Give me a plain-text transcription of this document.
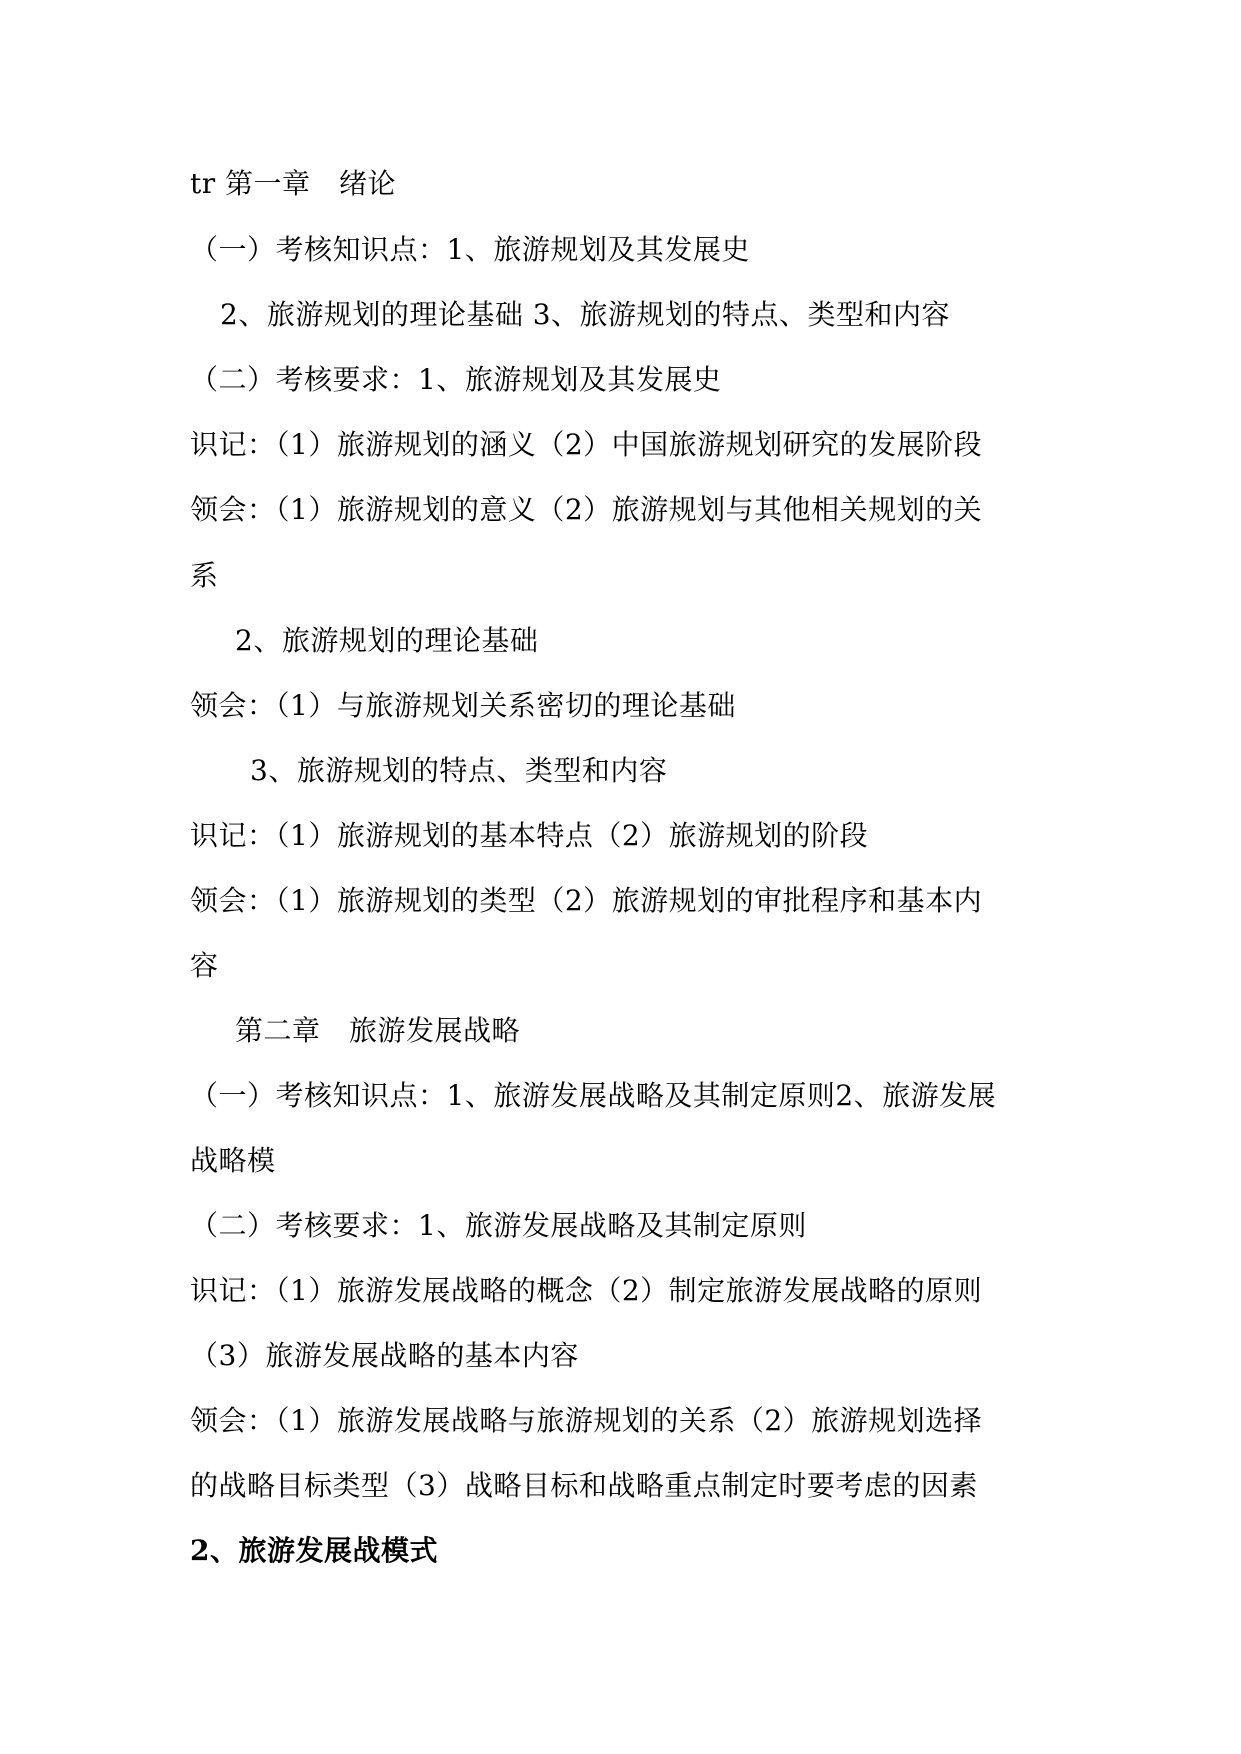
tr 第一章　绪论
（一）考核知识点：1、旅游规划及其发展史
2、旅游规划的理论基础 3、旅游规划的特点、类型和内容
（二）考核要求：1、旅游规划及其发展史
识记：（1）旅游规划的涵义（2）中国旅游规划研究的发展阶段
领会：（1）旅游规划的意义（2）旅游规划与其他相关规划的关
系
2、旅游规划的理论基础
领会：（1）与旅游规划关系密切的理论基础
3、旅游规划的特点、类型和内容
识记：（1）旅游规划的基本特点（2）旅游规划的阶段
领会：（1）旅游规划的类型（2）旅游规划的审批程序和基本内
容
第二章　旅游发展战略
（一）考核知识点：1、旅游发展战略及其制定原则2、旅游发展
战略模
（二）考核要求：1、旅游发展战略及其制定原则
识记：（1）旅游发展战略的概念（2）制定旅游发展战略的原则
（3）旅游发展战略的基本内容
领会：（1）旅游发展战略与旅游规划的关系（2）旅游规划选择
的战略目标类型（3）战略目标和战略重点制定时要考虑的因素
2、旅游发展战模式
